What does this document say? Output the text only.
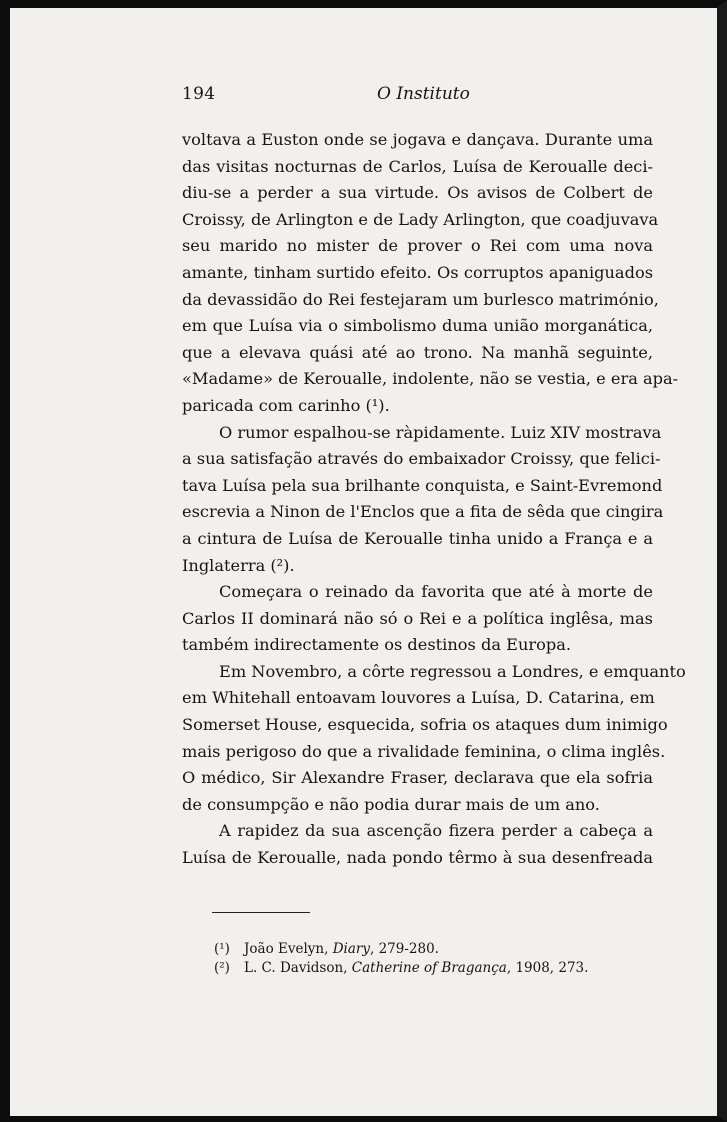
194	O Instituto
voltava a Euston onde se jogava e dançava. Durante uma
das visitas nocturnas de Carlos, Luísa de Keroualle deci-
diu-se a perder a sua virtude. Os avisos de Colbert de
Croissy, de Arlington e de Lady Arlington, que coadjuvava
seu marido no mister de prover o Rei com uma nova
amante, tinham surtido efeito. Os corruptos apaniguados
da devassidão do Rei festejaram um burlesco matrimónio,
em que Luísa via o simbolismo duma união morganática,
que a elevava quási até ao trono. Na manhã seguinte,
«Madame» de Keroualle, indolente, não se vestia, e era apa-
paricada com carinho (¹).
O rumor espalhou-se ràpidamente. Luiz XIV mostrava
a sua satisfação através do embaixador Croissy, que felici-
tava Luísa pela sua brilhante conquista, e Saint-Evremond
escrevia a Ninon de l'Enclos que a fita de sêda que cingira
a cintura de Luísa de Keroualle tinha unido a França e a
Inglaterra (²).
Começara o reinado da favorita que até à morte de
Carlos II dominará não só o Rei e a política inglêsa, mas
também indirectamente os destinos da Europa.
Em Novembro, a côrte regressou a Londres, e emquanto
em Whitehall entoavam louvores a Luísa, D. Catarina, em
Somerset House, esquecida, sofria os ataques dum inimigo
mais perigoso do que a rivalidade feminina, o clima inglês.
O médico, Sir Alexandre Fraser, declarava que ela sofria
de consumpção e não podia durar mais de um ano.
A rapidez da sua ascenção fizera perder a cabeça a
Luísa de Keroualle, nada pondo têrmo à sua desenfreada
(¹) João Evelyn, Diary, 279-280.
(²) L. C. Davidson, Catherine of Bragança, 1908, 273.
